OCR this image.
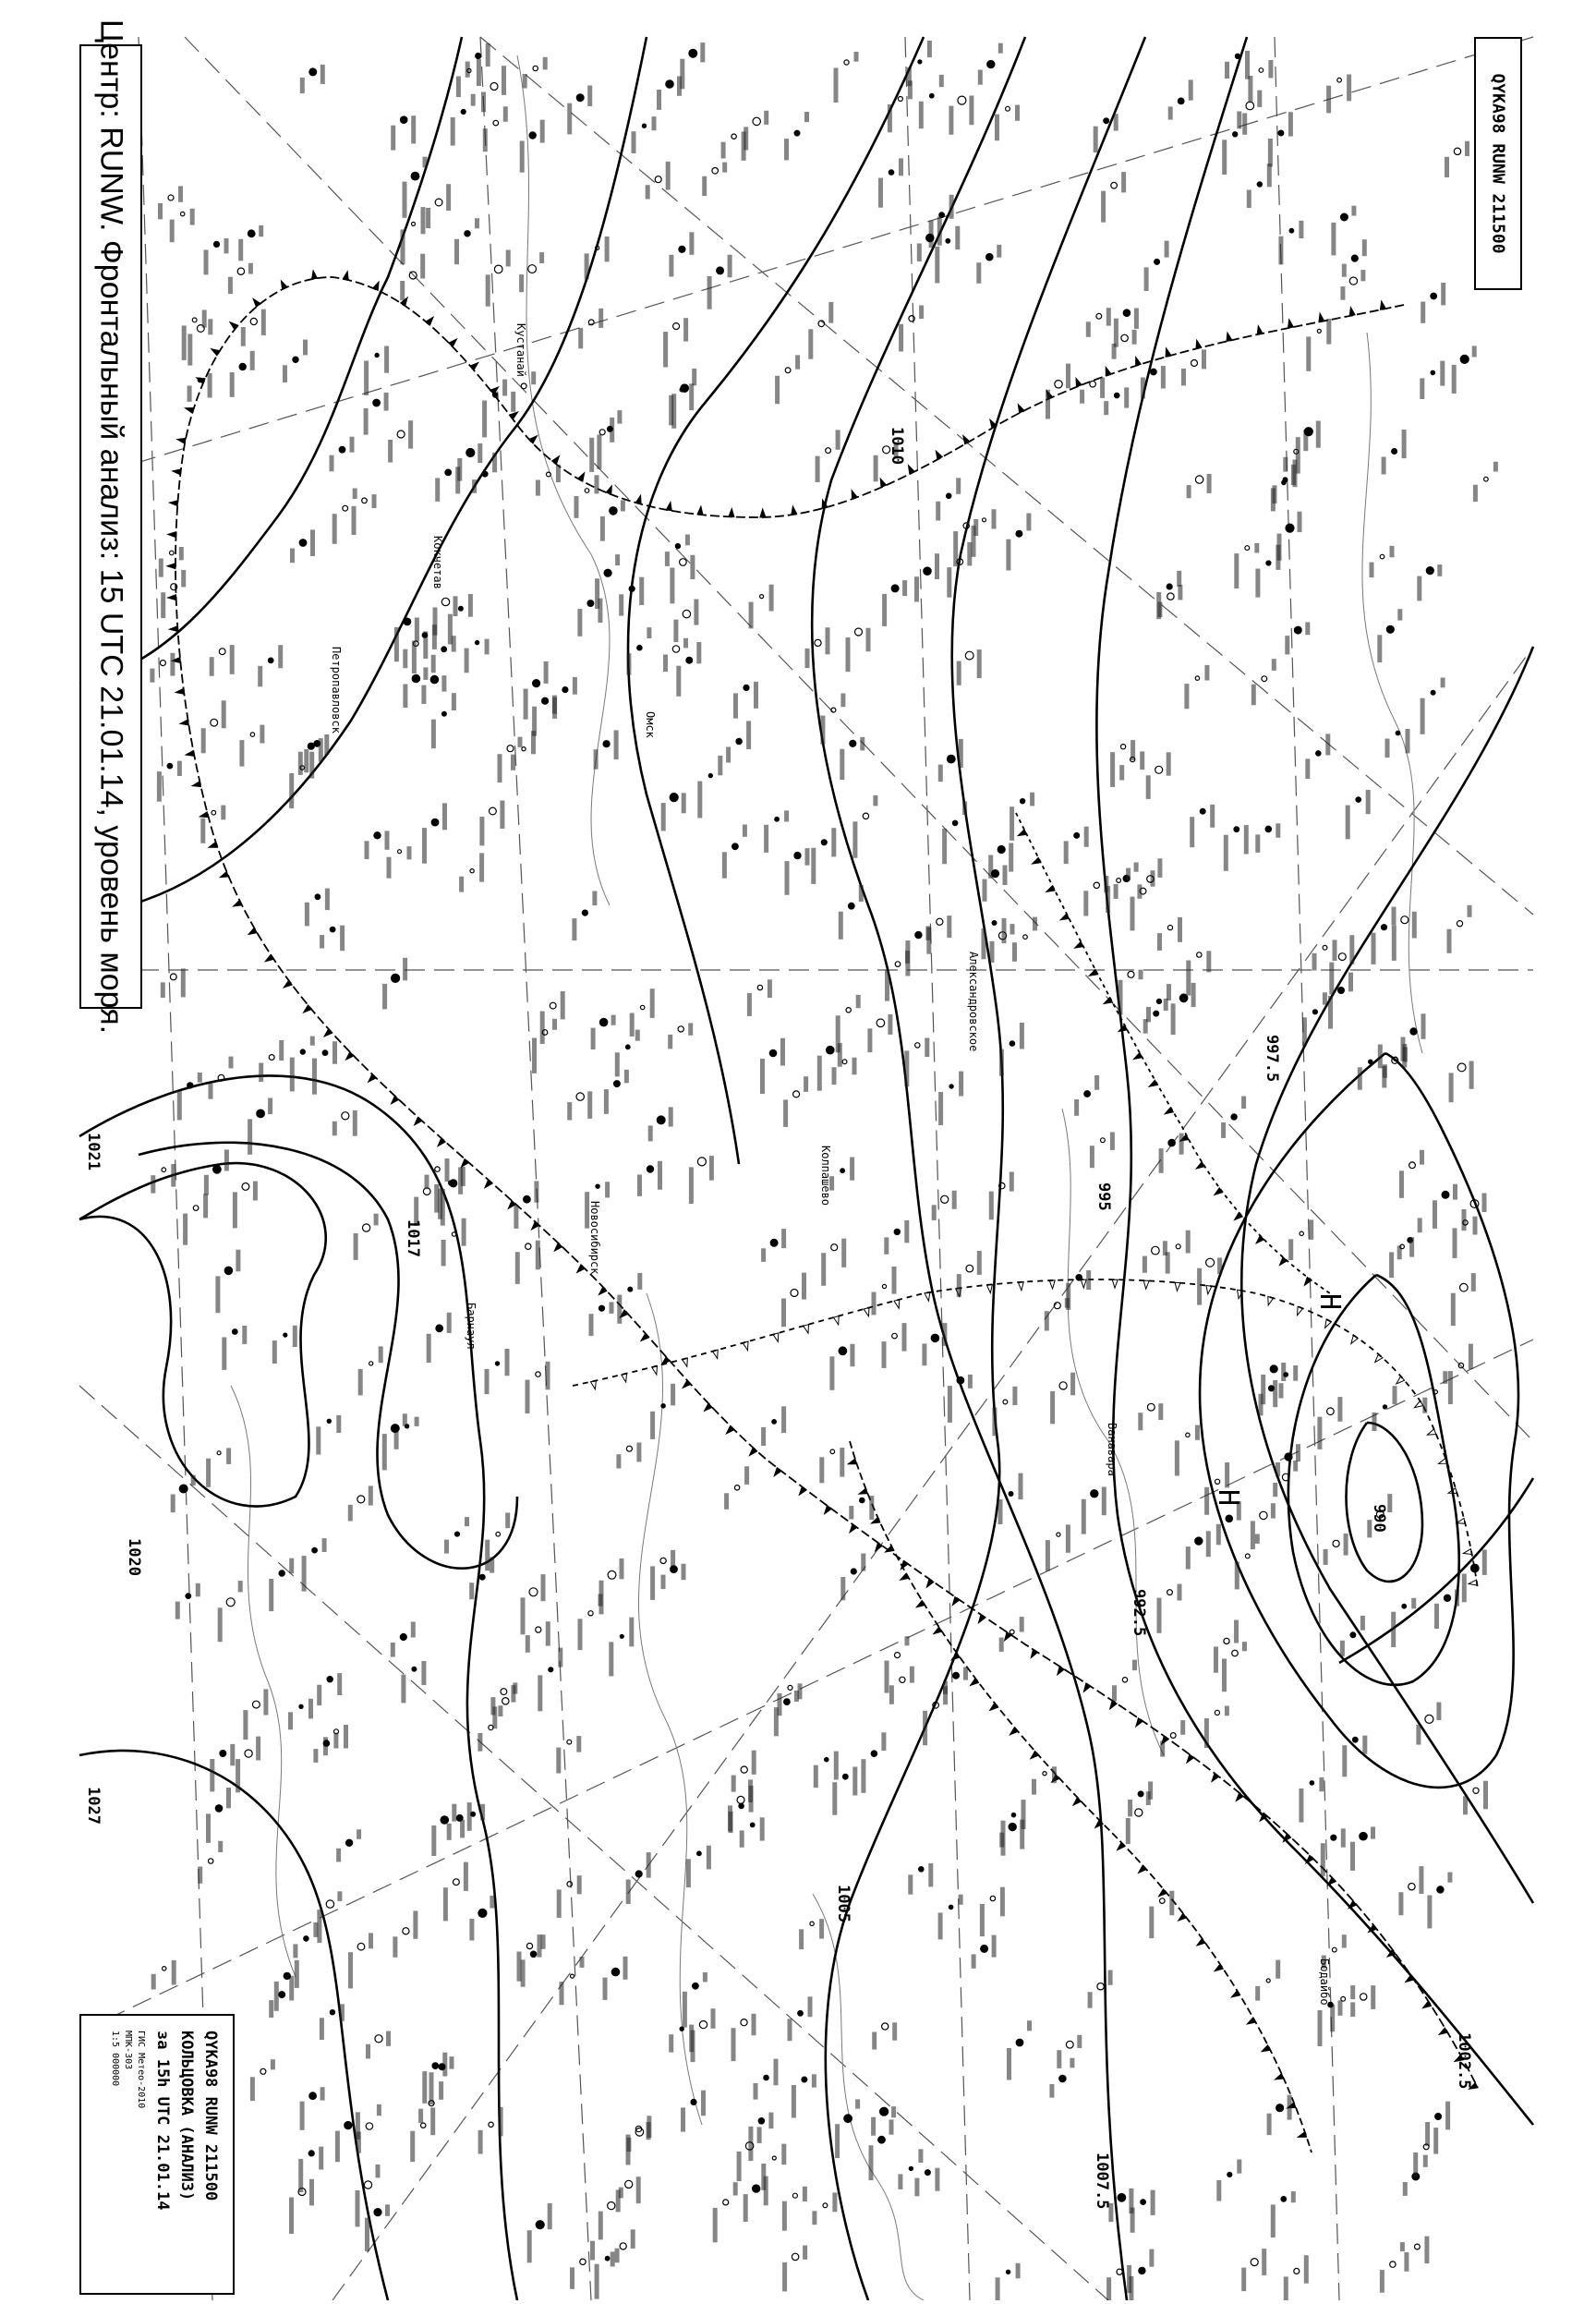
990
992.5
995
997.5
1002.5
1005
1007.5
1010
1017
1020
1021
1027
Н
Н
Кустанай
Омск
Новосибирск
Барнаул
Кокчетав
Колпашево
Александровское
Ванавара
Бодайбо
Петропавловск
Центр: RUNW. Фронтальный анализ: 15 UTC 21.01.14, уровень моря.	QYKA98 RUNW 211500
QYKA98 RUNW 211500
КОЛЬЦОВКА (АНАЛИЗ)
за 15h UTC 21.01.14
ГИС Метео-2010
МПК-303
1:5 000000
